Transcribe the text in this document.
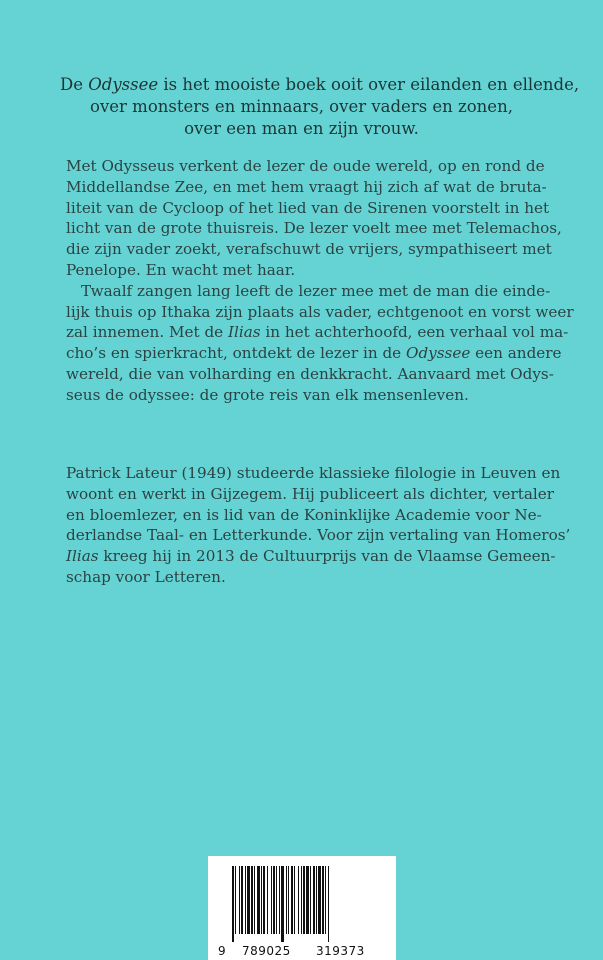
De Odyssee is het mooiste boek ooit over eilanden en ellende,
over monsters en minnaars, over vaders en zonen,
over een man en zijn vrouw.
Met Odysseus verkent de lezer de oude wereld, op en rond de
Middellandse Zee, en met hem vraagt hij zich af wat de bruta-
liteit van de Cycloop of het lied van de Sirenen voorstelt in het
licht van de grote thuisreis. De lezer voelt mee met Telemachos,
die zijn vader zoekt, verafschuwt de vrijers, sympathiseert met
Penelope. En wacht met haar.
Twaalf zangen lang leeft de lezer mee met de man die einde-
lijk thuis op Ithaka zijn plaats als vader, echtgenoot en vorst weer
zal innemen. Met de Ilias in het achterhoofd, een verhaal vol ma-
cho’s en spierkracht, ontdekt de lezer in de Odyssee een andere
wereld, die van volharding en denkkracht. Aanvaard met Odys-
seus de odyssee: de grote reis van elk mensenleven.
Patrick Lateur (1949) studeerde klassieke filologie in Leuven en
woont en werkt in Gijzegem. Hij publiceert als dichter, vertaler
en bloemlezer, en is lid van de Koninklijke Academie voor Ne-
derlandse Taal- en Letterkunde. Voor zijn vertaling van Homeros’
Ilias kreeg hij in 2013 de Cultuurprijs van de Vlaamse Gemeen-
schap voor Letteren.
9 789025 319373
